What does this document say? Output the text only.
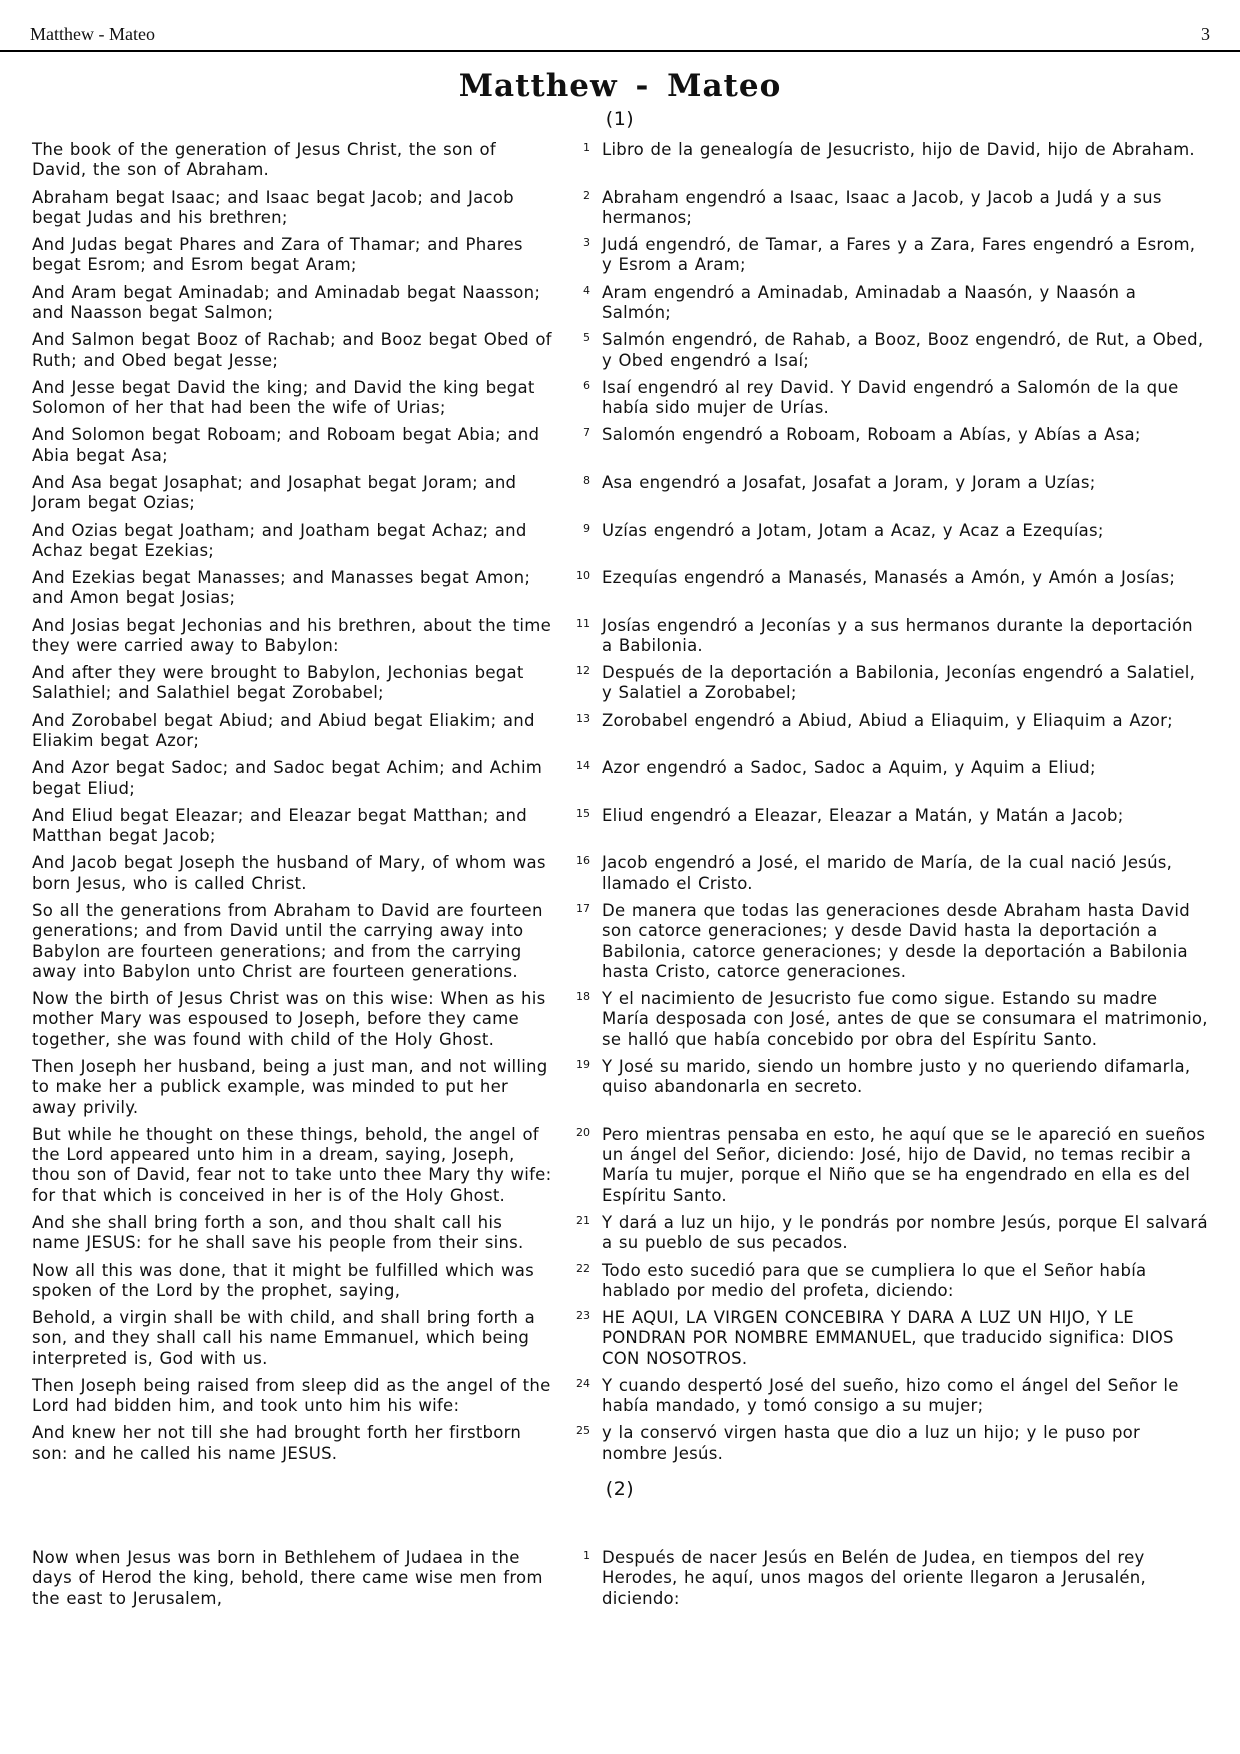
Matthew - Mateo	3
Matthew - Mateo
(1)
The book of the generation of Jesus Christ, the son of David, the son of Abraham.
1 Libro de la genealogía de Jesucristo, hijo de David, hijo de Abraham.
Abraham begat Isaac; and Isaac begat Jacob; and Jacob begat Judas and his brethren;
2 Abraham engendró a Isaac, Isaac a Jacob, y Jacob a Judá y a sus hermanos;
And Judas begat Phares and Zara of Thamar; and Phares begat Esrom; and Esrom begat Aram;
3 Judá engendró, de Tamar, a Fares y a Zara, Fares engendró a Esrom, y Esrom a Aram;
And Aram begat Aminadab; and Aminadab begat Naasson; and Naasson begat Salmon;
4 Aram engendró a Aminadab, Aminadab a Naasón, y Naasón a Salmón;
And Salmon begat Booz of Rachab; and Booz begat Obed of Ruth; and Obed begat Jesse;
5 Salmón engendró, de Rahab, a Booz, Booz engendró, de Rut, a Obed, y Obed engendró a Isaí;
And Jesse begat David the king; and David the king begat Solomon of her that had been the wife of Urias;
6 Isaí engendró al rey David. Y David engendró a Salomón de la que había sido mujer de Urías.
And Solomon begat Roboam; and Roboam begat Abia; and Abia begat Asa;
7 Salomón engendró a Roboam, Roboam a Abías, y Abías a Asa;
And Asa begat Josaphat; and Josaphat begat Joram; and Joram begat Ozias;
8 Asa engendró a Josafat, Josafat a Joram, y Joram a Uzías;
And Ozias begat Joatham; and Joatham begat Achaz; and Achaz begat Ezekias;
9 Uzías engendró a Jotam, Jotam a Acaz, y Acaz a Ezequías;
And Ezekias begat Manasses; and Manasses begat Amon; and Amon begat Josias;
10 Ezequías engendró a Manasés, Manasés a Amón, y Amón a Josías;
And Josias begat Jechonias and his brethren, about the time they were carried away to Babylon:
11 Josías engendró a Jeconías y a sus hermanos durante la deportación a Babilonia.
And after they were brought to Babylon, Jechonias begat Salathiel; and Salathiel begat Zorobabel;
12 Después de la deportación a Babilonia, Jeconías engendró a Salatiel, y Salatiel a Zorobabel;
And Zorobabel begat Abiud; and Abiud begat Eliakim; and Eliakim begat Azor;
13 Zorobabel engendró a Abiud, Abiud a Eliaquim, y Eliaquim a Azor;
And Azor begat Sadoc; and Sadoc begat Achim; and Achim begat Eliud;
14 Azor engendró a Sadoc, Sadoc a Aquim, y Aquim a Eliud;
And Eliud begat Eleazar; and Eleazar begat Matthan; and Matthan begat Jacob;
15 Eliud engendró a Eleazar, Eleazar a Matán, y Matán a Jacob;
And Jacob begat Joseph the husband of Mary, of whom was born Jesus, who is called Christ.
16 Jacob engendró a José, el marido de María, de la cual nació Jesús, llamado el Cristo.
So all the generations from Abraham to David are fourteen generations; and from David until the carrying away into Babylon are fourteen generations; and from the carrying away into Babylon unto Christ are fourteen generations.
17 De manera que todas las generaciones desde Abraham hasta David son catorce generaciones; y desde David hasta la deportación a Babilonia, catorce generaciones; y desde la deportación a Babilonia hasta Cristo, catorce generaciones.
Now the birth of Jesus Christ was on this wise: When as his mother Mary was espoused to Joseph, before they came together, she was found with child of the Holy Ghost.
18 Y el nacimiento de Jesucristo fue como sigue. Estando su madre María desposada con José, antes de que se consumara el matrimonio, se halló que había concebido por obra del Espíritu Santo.
Then Joseph her husband, being a just man, and not willing to make her a publick example, was minded to put her away privily.
19 Y José su marido, siendo un hombre justo y no queriendo difamarla, quiso abandonarla en secreto.
But while he thought on these things, behold, the angel of the Lord appeared unto him in a dream, saying, Joseph, thou son of David, fear not to take unto thee Mary thy wife: for that which is conceived in her is of the Holy Ghost.
20 Pero mientras pensaba en esto, he aquí que se le apareció en sueños un ángel del Señor, diciendo: José, hijo de David, no temas recibir a María tu mujer, porque el Niño que se ha engendrado en ella es del Espíritu Santo.
And she shall bring forth a son, and thou shalt call his name JESUS: for he shall save his people from their sins.
21 Y dará a luz un hijo, y le pondrás por nombre Jesús, porque El salvará a su pueblo de sus pecados.
Now all this was done, that it might be fulfilled which was spoken of the Lord by the prophet, saying,
22 Todo esto sucedió para que se cumpliera lo que el Señor había hablado por medio del profeta, diciendo:
Behold, a virgin shall be with child, and shall bring forth a son, and they shall call his name Emmanuel, which being interpreted is, God with us.
23 HE AQUI, LA VIRGEN CONCEBIRA Y DARA A LUZ UN HIJO, Y LE PONDRAN POR NOMBRE EMMANUEL, que traducido significa: DIOS CON NOSOTROS.
Then Joseph being raised from sleep did as the angel of the Lord had bidden him, and took unto him his wife:
24 Y cuando despertó José del sueño, hizo como el ángel del Señor le había mandado, y tomó consigo a su mujer;
And knew her not till she had brought forth her firstborn son: and he called his name JESUS.
25 y la conservó virgen hasta que dio a luz un hijo; y le puso por nombre Jesús.
(2)
Now when Jesus was born in Bethlehem of Judaea in the days of Herod the king, behold, there came wise men from the east to Jerusalem,
1 Después de nacer Jesús en Belén de Judea, en tiempos del rey Herodes, he aquí, unos magos del oriente llegaron a Jerusalén, diciendo:
